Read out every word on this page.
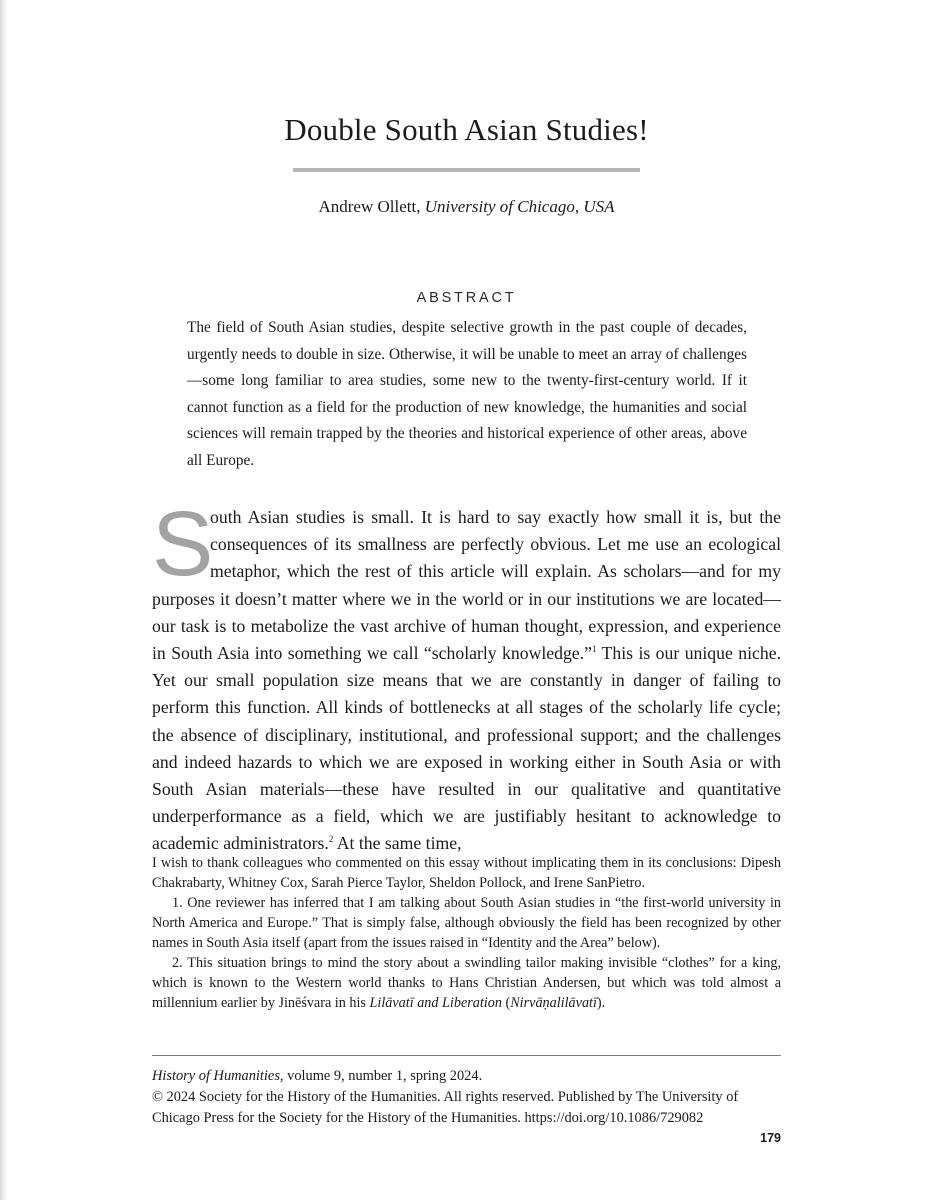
Double South Asian Studies!
Andrew Ollett, University of Chicago, USA
ABSTRACT

The field of South Asian studies, despite selective growth in the past couple of decades, urgently needs to double in size. Otherwise, it will be unable to meet an array of challenges—some long familiar to area studies, some new to the twenty-first-century world. If it cannot function as a field for the production of new knowledge, the humanities and social sciences will remain trapped by the theories and historical experience of other areas, above all Europe.

S
outh Asian studies is small. It is hard to say exactly how small it is, but the consequences of its smallness are perfectly obvious. Let me use an ecological metaphor, which the rest of this article will explain. As scholars—and for my purposes it doesn’t matter where we in the world or in our institutions we are located—our task is to metabolize the vast archive of human thought, expression, and experience in South Asia into something we call “scholarly knowledge.”$^1$ This is our unique niche. Yet our small population size means that we are constantly in danger of failing to perform this function. All kinds of bottlenecks at all stages of the scholarly life cycle; the absence of disciplinary, institutional, and professional support; and the challenges and indeed hazards to which we are exposed in working either in South Asia or with South Asian materials—these have resulted in our qualitative and quantitative underperformance as a field, which we are justifiably hesitant to acknowledge to academic administrators.$^2$ At the same time,

I wish to thank colleagues who commented on this essay without implicating them in its conclusions: Dipesh Chakrabarty, Whitney Cox, Sarah Pierce Taylor, Sheldon Pollock, and Irene SanPietro.

1. One reviewer has inferred that I am talking about South Asian studies in “the first-world university in North America and Europe.” That is simply false, although obviously the field has been recognized by other names in South Asia itself (apart from the issues raised in “Identity and the Area” below).

2. This situation brings to mind the story about a swindling tailor making invisible “clothes” for a king, which is known to the Western world thanks to Hans Christian Andersen, but which was told almost a millennium earlier by Jinēśvara in his Lilāvatī and Liberation (Nirvāṇalilāvatī).

History of Humanities, volume 9, number 1, spring 2024.

© 2024 Society for the History of the Humanities. All rights reserved. Published by The University of Chicago Press for the Society for the History of the Humanities. https://doi.org/10.1086/729082

179
